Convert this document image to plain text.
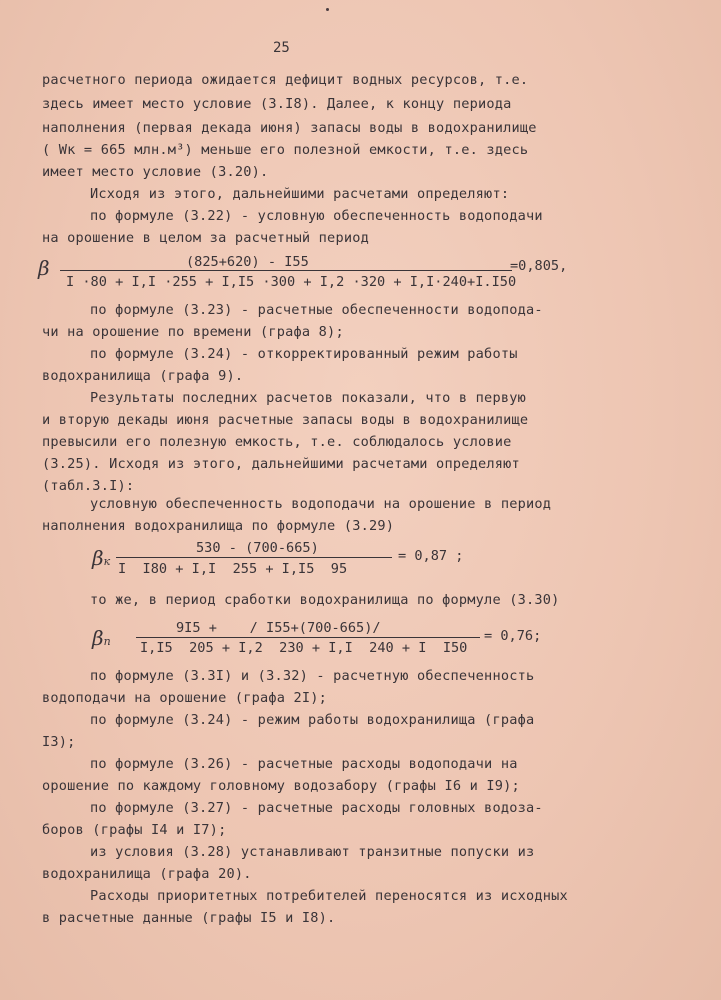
25
расчетного периода ожидается дефицит водных ресурсов, т.е.
здесь имеет место условие (3.I8). Далее, к концу периода
наполнения (первая декада июня) запасы воды в водохранилище
( Wк = 665 млн.м³) меньше его полезной емкости, т.е. здесь
имеет место условие (3.20).
Исходя из этого, дальнейшими расчетами определяют:
по формуле (3.22) - условную обеспеченность водоподачи
на орошение в целом за расчетный период
β	(825+620) - I55
I ·80 + I,I ·255 + I,I5 ·300 + I,2 ·320 + I,I·240+I.I50
=0,805,
по формуле (3.23) - расчетные обеспеченности водопода-
чи на орошение по времени (графа 8);
по формуле (3.24) - откорректированный режим работы
водохранилища (графа 9).
Результаты последних расчетов показали, что в первую
и вторую декады июня расчетные запасы воды в водохранилище
превысили его полезную емкость, т.е. соблюдалось условие
(3.25). Исходя из этого, дальнейшими расчетами определяют
(табл.3.I):
условную обеспеченность водоподачи на орошение в период
наполнения водохранилища по формуле (3.29)
βк
530 - (700-665)
I  I80 + I,I  255 + I,I5  95
= 0,87 ;
то же, в период сработки водохранилища по формуле (3.30)
βп
9I5 +    / I55+(700-665)/
I,I5  205 + I,2  230 + I,I  240 + I  I50
= 0,76;
по формуле (3.3I) и (3.32) - расчетную обеспеченность
водоподачи на орошение (графа 2I);
по формуле (3.24) - режим работы водохранилища (графа
I3);
по формуле (3.26) - расчетные расходы водоподачи на
орошение по каждому головному водозабору (графы I6 и I9);
по формуле (3.27) - расчетные расходы головных водоза-
боров (графы I4 и I7);
из условия (3.28) устанавливают транзитные попуски из
водохранилища (графа 20).
Расходы приоритетных потребителей переносятся из исходных
в расчетные данные (графы I5 и I8).
